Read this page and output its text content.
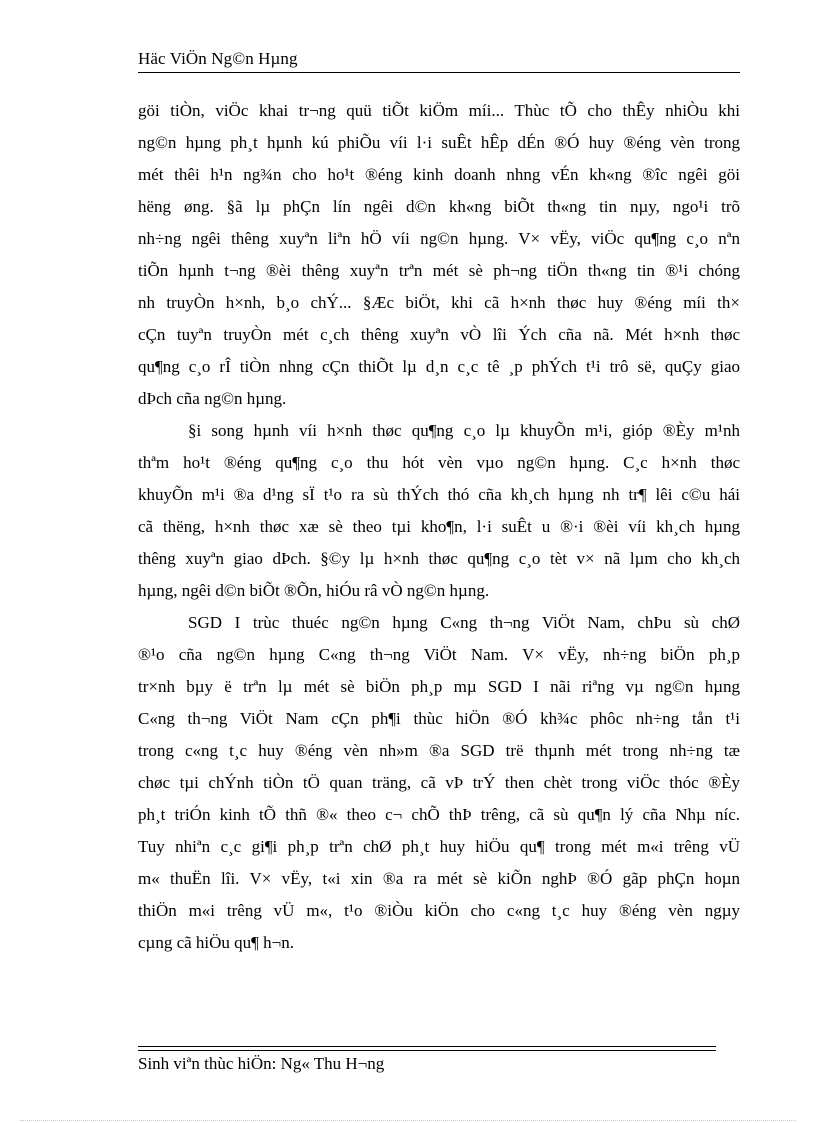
Häc ViÖn Ng©n Hµng
göi tiÒn, viÖc khai tr¬ng quü tiÕt kiÖm míi... Thùc tÕ cho thÊy nhiÒu khi
ng©n hµng ph¸t hµnh kú phiÕu víi l·i suÊt hÊp dÉn ®Ó huy ®éng vèn trong
mét thêi h¹n ng¾n cho ho¹t ®éng kinh doanh nhng vÉn kh«ng ®îc ngêi göi
hëng øng. §ã lµ phÇn lín ngêi d©n kh«ng biÕt th«ng tin nµy, ngo¹i trõ
nh÷ng ngêi thêng xuyªn liªn hÖ víi ng©n hµng. V× vËy, viÖc qu¶ng c¸o nªn
tiÕn hµnh t¬ng ®èi thêng xuyªn trªn mét sè ph¬ng tiÖn th«ng tin ®¹i chóng
nh truyÒn h×nh, b¸o chÝ... §Æc biÖt, khi cã h×nh thøc huy ®éng míi th×
cÇn tuyªn truyÒn mét c¸ch thêng xuyªn vÒ lîi Ých cña nã. Mét h×nh thøc
qu¶ng c¸o rÎ tiÒn nhng cÇn thiÕt lµ d¸n c¸c tê ¸p phÝch t¹i trô së, quÇy giao
dÞch cña ng©n hµng.
§i song hµnh víi h×nh thøc qu¶ng c¸o lµ khuyÕn m¹i, gióp ®Èy m¹nh
thªm ho¹t ®éng qu¶ng c¸o thu hót vèn vµo ng©n hµng. C¸c h×nh thøc
khuyÕn m¹i ®a d¹ng sÏ t¹o ra sù thÝch thó cña kh¸ch hµng nh tr¶ lêi c©u hái
cã thëng, h×nh thøc xæ sè theo tµi kho¶n, l·i suÊt u ®·i ®èi víi kh¸ch hµng
thêng xuyªn giao dÞch. §©y lµ h×nh thøc qu¶ng c¸o tèt v× nã lµm cho kh¸ch
hµng, ngêi d©n biÕt ®Õn, hiÓu râ vÒ ng©n hµng.
SGD I trùc thuéc ng©n hµng C«ng th¬ng ViÖt Nam, chÞu sù chØ
®¹o cña ng©n hµng C«ng th¬ng ViÖt Nam. V× vËy, nh÷ng biÖn ph¸p
tr×nh bµy ë trªn lµ mét sè biÖn ph¸p mµ SGD I nãi riªng vµ ng©n hµng
C«ng th¬ng ViÖt Nam cÇn ph¶i thùc hiÖn ®Ó kh¾c phôc nh÷ng tån t¹i
trong c«ng t¸c huy ®éng vèn nh»m ®a SGD trë thµnh mét trong nh÷ng tæ
chøc tµi chÝnh tiÒn tÖ quan träng, cã vÞ trÝ then chèt trong viÖc thóc ®Èy
ph¸t triÓn kinh tÕ thñ ®« theo c¬ chÕ thÞ trêng, cã sù qu¶n lý cña Nhµ níc.
Tuy nhiªn c¸c gi¶i ph¸p trªn chØ ph¸t huy hiÖu qu¶ trong mét m«i trêng vÜ
m« thuËn lîi. V× vËy, t«i xin ®a ra mét sè kiÕn nghÞ ®Ó gãp phÇn hoµn
thiÖn m«i trêng vÜ m«, t¹o ®iÒu kiÖn cho c«ng t¸c huy ®éng vèn ngµy
cµng cã hiÖu qu¶ h¬n.
Sinh viªn thùc hiÖn: Ng« Thu H¬ng
